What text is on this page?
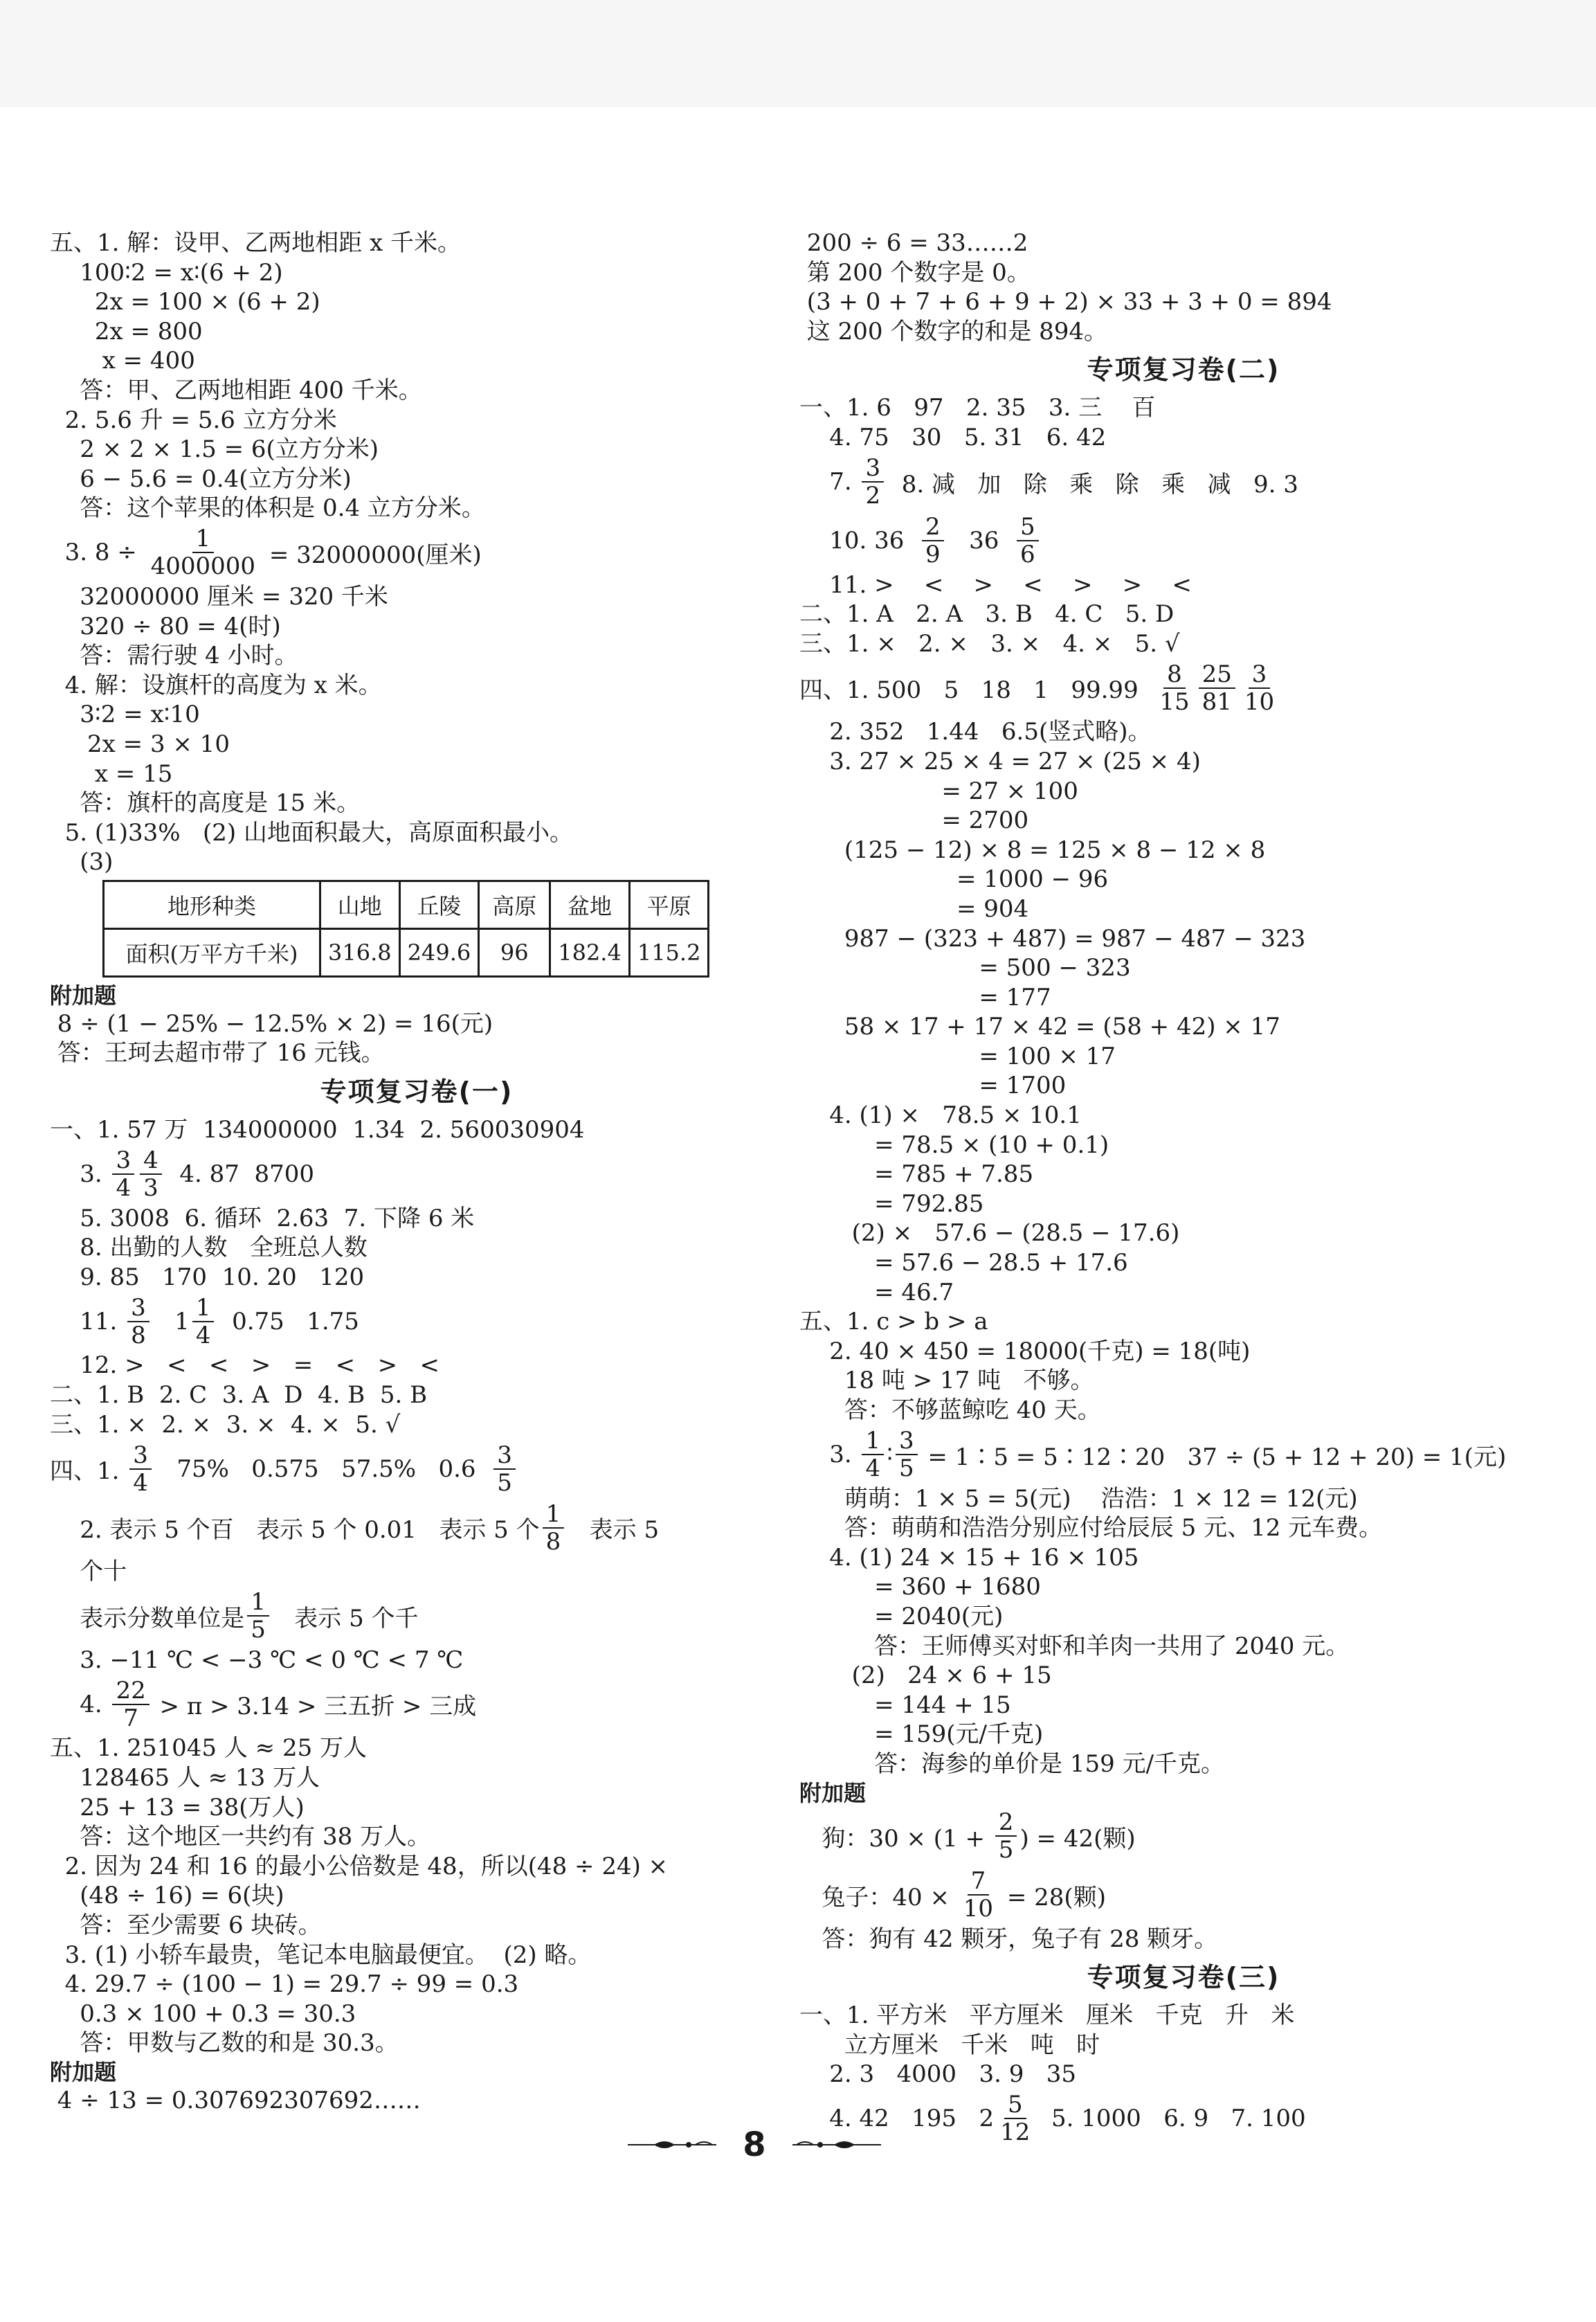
五、1. 解：设甲、乙两地相距 x 千米。
100∶2 = x∶(6 + 2)
2x = 100 × (6 + 2)
2x = 800
x = 400
答：甲、乙两地相距 400 千米。
2. 5.6 升 = 5.6 立方分米
2 × 2 × 1.5 = 6(立方分米)
6 − 5.6 = 0.4(立方分米)
答：这个苹果的体积是 0.4 立方分米。
3. $8 \div \frac{1}{4000000} = 32000000$(厘米)
32000000 厘米 = 320 千米
320 ÷ 80 = 4(时)
答：需行驶 4 小时。
4. 解：设旗杆的高度为 x 米。
3∶2 = x∶10
2x = 3 × 10
x = 15
答：旗杆的高度是 15 米。
5. (1)33%   (2) 山地面积最大，高原面积最小。
(3)
地形种类	山地	丘陵	高原	盆地	平原
面积(万平方千米)	316.8	249.6	96	182.4	115.2
附加题
8 ÷ (1 − 25% − 12.5% × 2) = 16(元)
答：王珂去超市带了 16 元钱。
专项复习卷(一)
一、1. 57 万  134000000  1.34  2. 560030904
3. $\frac{3}{4} \frac{4}{3} 4$. 87  8700
5. 3008  6. 循环  2.6̇3̇  7. 下降 6 米
8. 出勤的人数   全班总人数
9. 85   170  10. 20   120
11. $\frac{3}{8} 1 \frac{1}{4} 0.75$   1.75
12. >   <   <   >   =   <   >   <
二、1. B  2. C  3. A  D  4. B  5. B
三、1. ×  2. ×  3. ×  4. ×  5. √
四、1. $\frac{3}{4} 75\%$   0.575   57.5%   $0.6 \frac{3}{5}$
2. 表示 5 个百   表示 5 个 0.01   表示 5 个 $\frac{1}{8}$ 表示 5
个十
表示分数单位是 $\frac{1}{5}$ 表示 5 个千
3. −11 ℃ < −3 ℃ < 0 ℃ < 7 ℃
4. $\frac{22}{7} > \pi > 3.14$ > 三五折 > 三成
五、1. 251045 人 ≈ 25 万人
128465 人 ≈ 13 万人
25 + 13 = 38(万人)
答：这个地区一共约有 38 万人。
2. 因为 24 和 16 的最小公倍数是 48，所以(48 ÷ 24) ×
(48 ÷ 16) = 6(块)
答：至少需要 6 块砖。
3. (1) 小轿车最贵，笔记本电脑最便宜。  (2) 略。
4. 29.7 ÷ (100 − 1) = 29.7 ÷ 99 = 0.3
0.3 × 100 + 0.3 = 30.3
答：甲数与乙数的和是 30.3。
附加题
4 ÷ 13 = 0.307692307692……
200 ÷ 6 = 33……2
第 200 个数字是 0。
(3 + 0 + 7 + 6 + 9 + 2) × 33 + 3 + 0 = 894
这 200 个数字的和是 894。
专项复习卷(二)
一、1. 6   97   2. 35   3. 三    百
4. 75   30   5. 31   6. 42
7. $\frac{3}{2} 8$. 减   加   除   乘   除   乘   减   9. 3
10. $36 \frac{2}{9} 36 \frac{5}{6}$
11. >    <    >    <    >    >    <
二、1. A   2. A   3. B   4. C   5. D
三、1. ×   2. ×   3. ×   4. ×   5. √
四、1. 500   5   18   1   $99.99 \frac{8}{15} \frac{25}{81} \frac{3}{10}$
2. 352   1.44   6.5(竖式略)。
3. 27 × 25 × 4 = 27 × (25 × 4)
= 27 × 100
= 2700
(125 − 12) × 8 = 125 × 8 − 12 × 8
= 1000 − 96
= 904
987 − (323 + 487) = 987 − 487 − 323
= 500 − 323
= 177
58 × 17 + 17 × 42 = (58 + 42) × 17
= 100 × 17
= 1700
4. (1) ×   78.5 × 10.1
= 78.5 × (10 + 0.1)
= 785 + 7.85
= 792.85
(2) ×   57.6 − (28.5 − 17.6)
= 57.6 − 28.5 + 17.6
= 46.7
五、1. c > b > a
2. 40 × 450 = 18000(千克) = 18(吨)
18 吨 > 17 吨   不够。
答：不够蓝鲸吃 40 天。
3. $\frac{1}{4}$ ∶ $\frac{3}{5}$ = 1∶5 = 5∶12∶20   37 ÷ (5 + 12 + 20) = 1(元)
萌萌：1 × 5 = 5(元)    浩浩：1 × 12 = 12(元)
答：萌萌和浩浩分别应付给辰辰 5 元、12 元车费。
4. (1) 24 × 15 + 16 × 105
= 360 + 1680
= 2040(元)
答：王师傅买对虾和羊肉一共用了 2040 元。
(2)   24 × 6 + 15
= 144 + 15
= 159(元/千克)
答：海参的单价是 159 元/千克。
附加题
狗：$30 \times (1 + \frac{2}{5}$ ) = 42(颗)
兔子：$40 \times \frac{7}{10} = 28$(颗)
答：狗有 42 颗牙，兔子有 28 颗牙。
专项复习卷(三)
一、1. 平方米   平方厘米   厘米   千克   升   米
立方厘米   千米   吨   时
2. 3   4000   3. 9   35
4. 42   195   $2 \frac{5}{12} 5$. 1000   6. 9   7. 100
8
